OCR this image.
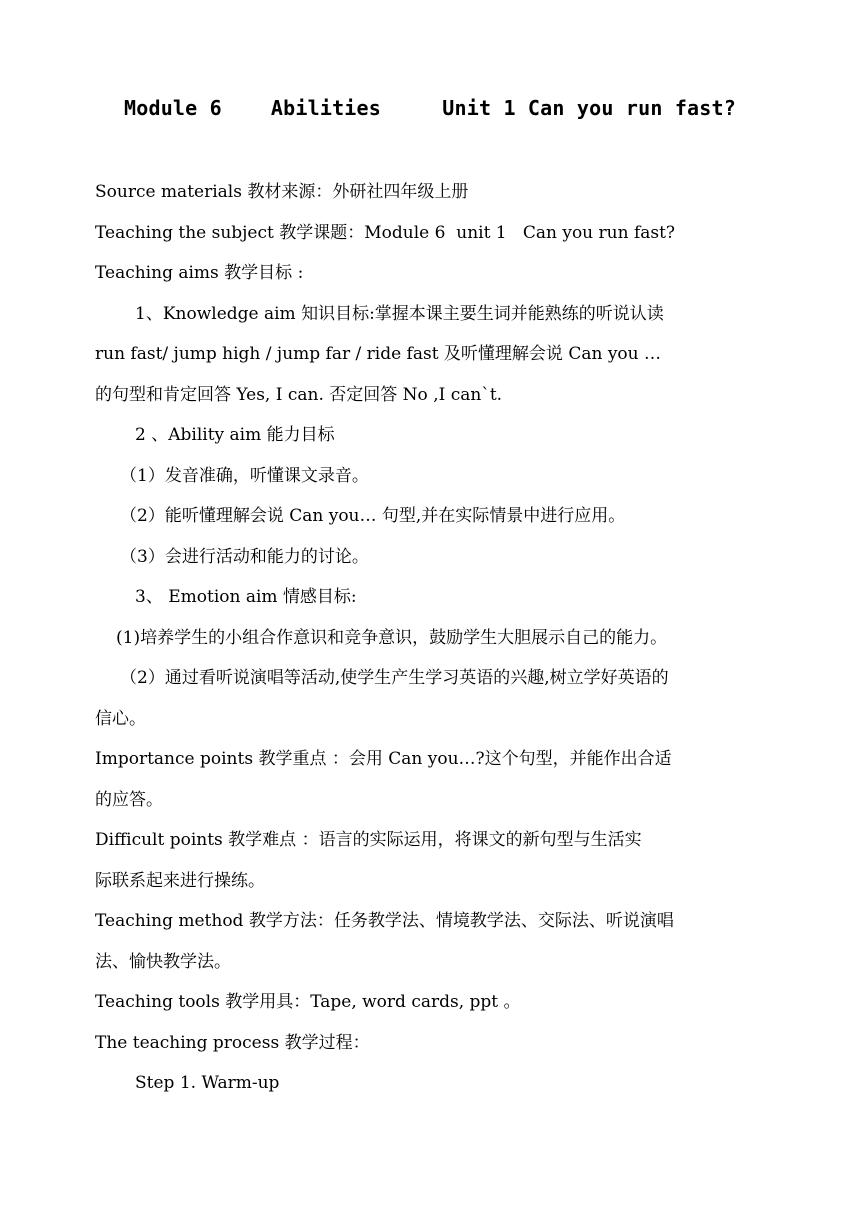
Module 6    Abilities     Unit 1 Can you run fast?
Source materials 教材来源：外研社四年级上册
Teaching the subject 教学课题：Module 6  unit 1   Can you run fast?
Teaching aims 教学目标 :
1、Knowledge aim 知识目标:掌握本课主要生词并能熟练的听说认读
run fast/ jump high / jump far / ride fast 及听懂理解会说 Can you …
的句型和肯定回答 Yes, I can. 否定回答 No ,I can`t.
2 、Ability aim 能力目标
（1）发音准确，听懂课文录音。
（2）能听懂理解会说 Can you… 句型,并在实际情景中进行应用。
（3）会进行活动和能力的讨论。
3、 Emotion aim 情感目标:
(1)培养学生的小组合作意识和竞争意识，鼓励学生大胆展示自己的能力。
（2）通过看听说演唱等活动,使学生产生学习英语的兴趣,树立学好英语的
信心。
Importance points 教学重点 ：会用 Can you…?这个句型，并能作出合适
的应答。
Difficult points 教学难点 ：语言的实际运用，将课文的新句型与生活实
际联系起来进行操练。
Teaching method 教学方法：任务教学法、情境教学法、交际法、听说演唱
法、愉快教学法。
Teaching tools 教学用具：Tape, word cards, ppt 。
The teaching process 教学过程：
Step 1. Warm-up
